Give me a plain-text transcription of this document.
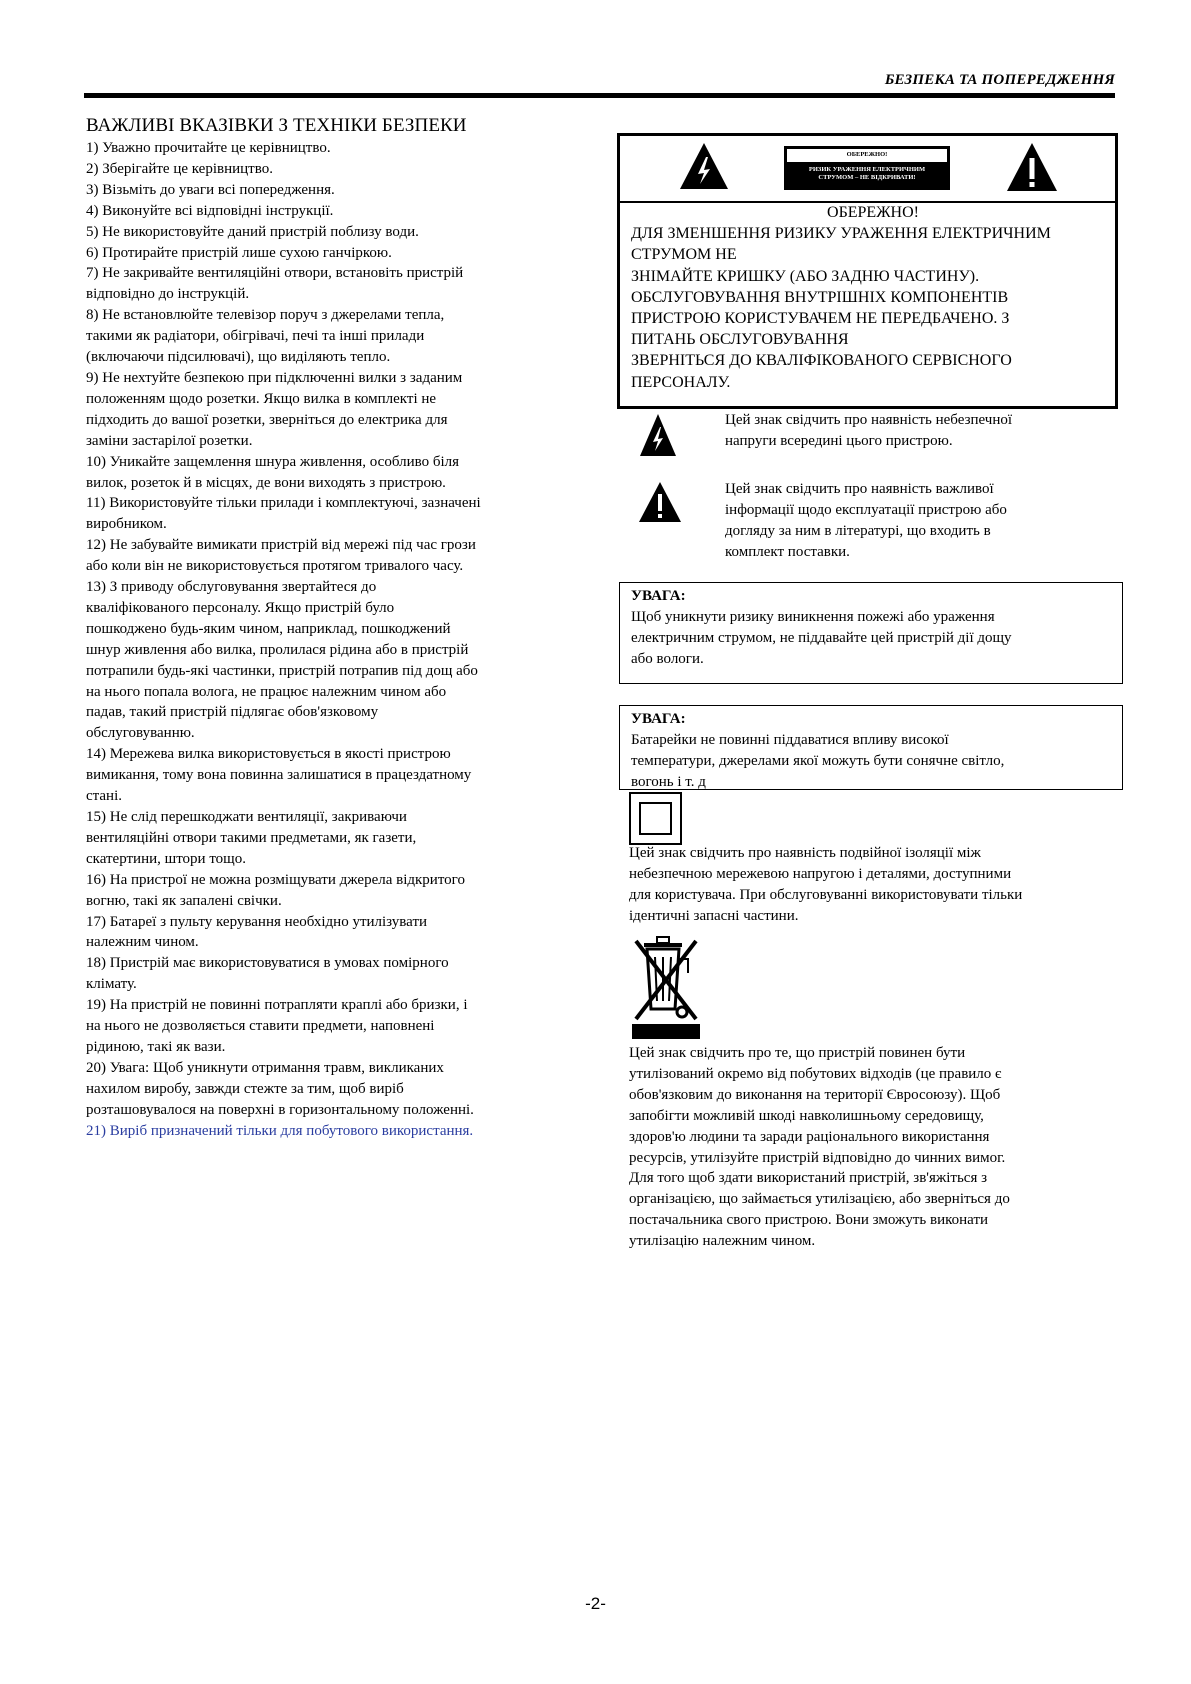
БЕЗПЕКА ТА ПОПЕРЕДЖЕННЯ
ВАЖЛИВІ ВКАЗІВКИ З ТЕХНІКИ БЕЗПЕКИ

1) Уважно прочитайте це керівництво.

2) Зберігайте це керівництво.

3) Візьміть до уваги всі попередження.

4) Виконуйте всі відповідні інструкції.

5) Не використовуйте даний пристрій поблизу води.

6) Протирайте пристрій лише сухою ганчіркою.

7) Не закривайте вентиляційні отвори, встановіть пристрій

відповідно до інструкцій.

8) Не встановлюйте телевізор поруч з джерелами тепла,

такими як радіатори, обігрівачі, печі та інші прилади

(включаючи підсилювачі), що виділяють тепло.

9) Не нехтуйте безпекою при підключенні вилки з заданим

положенням щодо розетки. Якщо вилка в комплекті не

підходить до вашої розетки, зверніться до електрика для

заміни застарілої розетки.

10) Уникайте защемлення шнура живлення, особливо біля

вилок, розеток й в місцях, де вони виходять з пристрою.

11) Використовуйте тільки прилади і комплектуючі, зазначені

виробником.

12) Не забувайте вимикати пристрій від мережі під час грози

або коли він не використовується протягом тривалого часу.

13) З приводу обслуговування звертайтеся до

кваліфікованого персоналу. Якщо пристрій було

пошкоджено будь-яким чином, наприклад, пошкоджений

шнур живлення або вилка, пролилася рідина або в пристрій

потрапили будь-які частинки, пристрій потрапив під дощ або

на нього попала волога, не працює належним чином або

падав, такий пристрій підлягає обов'язковому

обслуговуванню.

14) Мережева вилка використовується в якості пристрою

вимикання, тому вона повинна залишатися в працездатному

стані.

15) Не слід перешкоджати вентиляції, закриваючи

вентиляційні отвори такими предметами, як газети,

скатертини, штори тощо.

16) На пристрої не можна розміщувати джерела відкритого

вогню, такі як запалені свічки.

17) Батареї з пульту керування необхідно утилізувати

належним чином.

18) Пристрій має використовуватися в умовах помірного

клімату.

19) На пристрій не повинні потрапляти краплі або бризки, і

на нього не дозволяється ставити предмети, наповнені

рідиною, такі як вази.

20) Увага: Щоб уникнути отримання травм, викликаних

нахилом виробу, завжди стежте за тим, щоб виріб

розташовувалося на поверхні в горизонтальному положенні.

21) Виріб призначений тільки для побутового використання.

ОБЕРЕЖНО!
РИЗИК УРАЖЕННЯ ЕЛЕКТРИЧНИМ
СТРУМОМ – НЕ ВІДКРИВАТИ!
ОБЕРЕЖНО!
ДЛЯ ЗМЕНШЕННЯ РИЗИКУ УРАЖЕННЯ ЕЛЕКТРИЧНИМ
СТРУМОМ НЕ
ЗНІМАЙТЕ КРИШКУ (АБО ЗАДНЮ ЧАСТИНУ).
ОБСЛУГОВУВАННЯ ВНУТРІШНІХ КОМПОНЕНТІВ
ПРИСТРОЮ КОРИСТУВАЧЕМ НЕ ПЕРЕДБАЧЕНО. З
ПИТАНЬ ОБСЛУГОВУВАННЯ
ЗВЕРНІТЬСЯ ДО КВАЛІФІКОВАНОГО СЕРВІСНОГО
ПЕРСОНАЛУ.
Цей знак свідчить про наявність небезпечної
напруги всередині цього пристрою.
Цей знак свідчить про наявність важливої
інформації щодо експлуатації пристрою або
догляду за ним в літературі, що входить в
комплект поставки.
УВАГА:
Щоб уникнути ризику виникнення пожежі або ураження
електричним струмом, не піддавайте цей пристрій дії дощу
або вологи.
УВАГА:
Батарейки не повинні піддаватися впливу високої
температури, джерелами якої можуть бути сонячне світло,
вогонь і т. д
Цей знак свідчить про наявність подвійної ізоляції між
небезпечною мережевою напругою і деталями, доступними
для користувача. При обслуговуванні використовувати тільки
ідентичні запасні частини.
Цей знак свідчить про те, що пристрій повинен бути
утилізований окремо від побутових відходів (це правило є
обов'язковим до виконання на території Євросоюзу). Щоб
запобігти можливій шкоді навколишньому середовищу,
здоров'ю людини та заради раціонального використання
ресурсів, утилізуйте пристрій відповідно до чинних вимог.
Для того щоб здати використаний пристрій, зв'яжіться з
організацією, що займається утилізацією, або зверніться до
постачальника свого пристрою. Вони зможуть виконати
утилізацію належним чином.
-2-
